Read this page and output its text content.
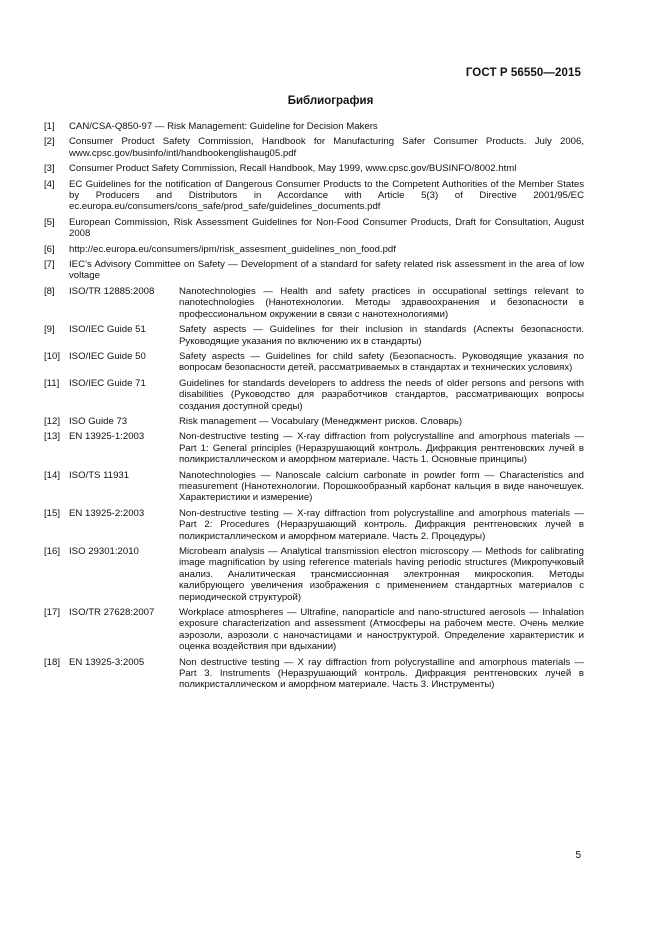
ГОСТ Р 56550—2015
Библиография
[1]	CAN/CSA-Q850-97 — Risk Management: Guideline for Decision Makers
[2]	Consumer Product Safety Commission, Handbook for Manufacturing Safer Consumer Products. July 2006, www.cpsc.gov/businfo/intl/handbookenglishaug05.pdf
[3]	Consumer Product Safety Commission, Recall Handbook, May 1999, www.cpsc.gov/BUSINFO/8002.html
[4]	EC Guidelines for the notification of Dangerous Consumer Products to the Competent Authorities of the Member States by Producers and Distributors in Accordance with Article 5(3) of Directive 2001/95/EC ec.europa.eu/consumers/cons_safe/prod_safe/guidelines_documents.pdf
[5]	European Commission, Risk Assessment Guidelines for Non-Food Consumer Products, Draft for Consultation, August 2008
[6]	http://ec.europa.eu/consumers/ipm/risk_assesment_guidelines_non_food.pdf
[7]	IEC’s Advisory Committee on Safety — Development of a standard for safety related risk assessment in the area of low voltage
[8]	ISO/TR 12885:2008	Nanotechnologies — Health and safety practices in occupational settings relevant to nanotechnologies (Нанотехнологии. Методы здравоохранения и безопасности в профессиональном окружении в связи с нанотехнологиями)
[9]	ISO/IEC Guide 51	Safety aspects — Guidelines for their inclusion in standards (Аспекты безопасности. Руководящие указания по включению их в стандарты)
[10] ISO/IEC Guide 50	Safety aspects — Guidelines for child safety (Безопасность. Руководящие указания по вопросам безопасности детей, рассматриваемых в стандартах и технических условиях)
[11]	ISO/IEC Guide 71	Guidelines for standards developers to address the needs of older persons and persons with disabilities (Руководство для разработчиков стандартов, рассматривающих вопросы создания доступной среды)
[12] ISO Guide 73	Risk management — Vocabulary (Менеджмент рисков. Словарь)
[13] EN 13925-1:2003	Non-destructive testing — X-ray diffraction from polycrystalline and amorphous materials — Part 1: General principles (Неразрушающий контроль. Дифракция рентгеновских лучей в поликристаллическом и аморфном материале. Часть 1. Основные принципы)
[14] ISO/TS 11931	Nanotechnologies — Nanoscale calcium carbonate in powder form — Characteristics and measurement (Нанотехнологии. Порошкообразный карбонат кальция в виде наночешуек. Характеристики и измерение)
[15] EN 13925-2:2003	Non-destructive testing — X-ray diffraction from polycrystalline and amorphous materials — Part 2: Procedures (Неразрушающий контроль. Дифракция рентгеновских лучей в поликристаллическом и аморфном материале. Часть 2. Процедуры)
[16] ISO 29301:2010	Microbeam analysis — Analytical transmission electron microscopy — Methods for calibrating image magnification by using reference materials having periodic structures (Микропучковый анализ. Аналитическая трансмиссионная электронная микроскопия. Методы калибрующего увеличения изображения с применением стандартных материалов с периодической структурой)
[17] ISO/TR 27628:2007	Workplace atmospheres — Ultrafine, nanoparticle and nano-structured aerosols — Inhalation exposure characterization and assessment (Атмосферы на рабочем месте. Очень мелкие аэрозоли, аэрозоли с наночастицами и наноструктурой. Определение характеристик и оценка воздействия при вдыхании)
[18] EN 13925-3:2005	Non destructive testing — X ray diffraction from polycrystalline and amorphous materials — Part 3. Instruments (Неразрушающий контроль. Дифракция рентгеновских лучей в поликристаллическом и аморфном материале. Часть 3. Инструменты)
5
